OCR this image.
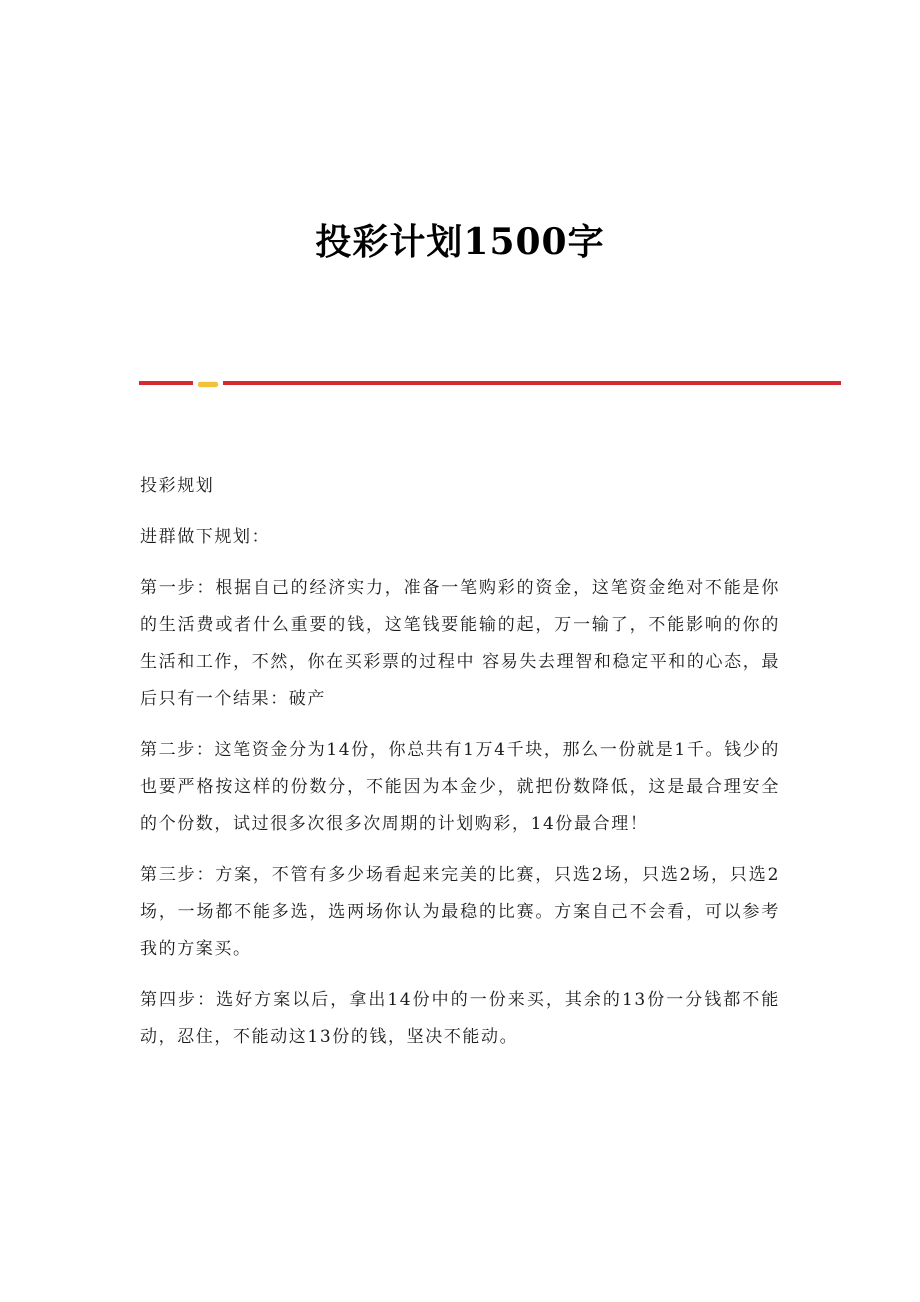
投彩计划1500字

投彩规划

进群做下规划：

第一步：根据自己的经济实力，准备一笔购彩的资金，这笔资金绝对不能是你的生活费或者什么重要的钱，这笔钱要能输的起，万一输了，不能影响的你的生活和工作，不然，你在买彩票的过程中 容易失去理智和稳定平和的心态，最后只有一个结果：破产

第二步：这笔资金分为14份，你总共有1万4千块，那么一份就是1千。钱少的也要严格按这样的份数分，不能因为本金少，就把份数降低，这是最合理安全的个份数，试过很多次很多次周期的计划购彩，14份最合理！

第三步：方案，不管有多少场看起来完美的比赛，只选2场，只选2场，只选2场，一场都不能多选，选两场你认为最稳的比赛。方案自己不会看，可以参考我的方案买。

第四步：选好方案以后，拿出14份中的一份来买，其余的13份一分钱都不能动，忍住，不能动这13份的钱，坚决不能动。
